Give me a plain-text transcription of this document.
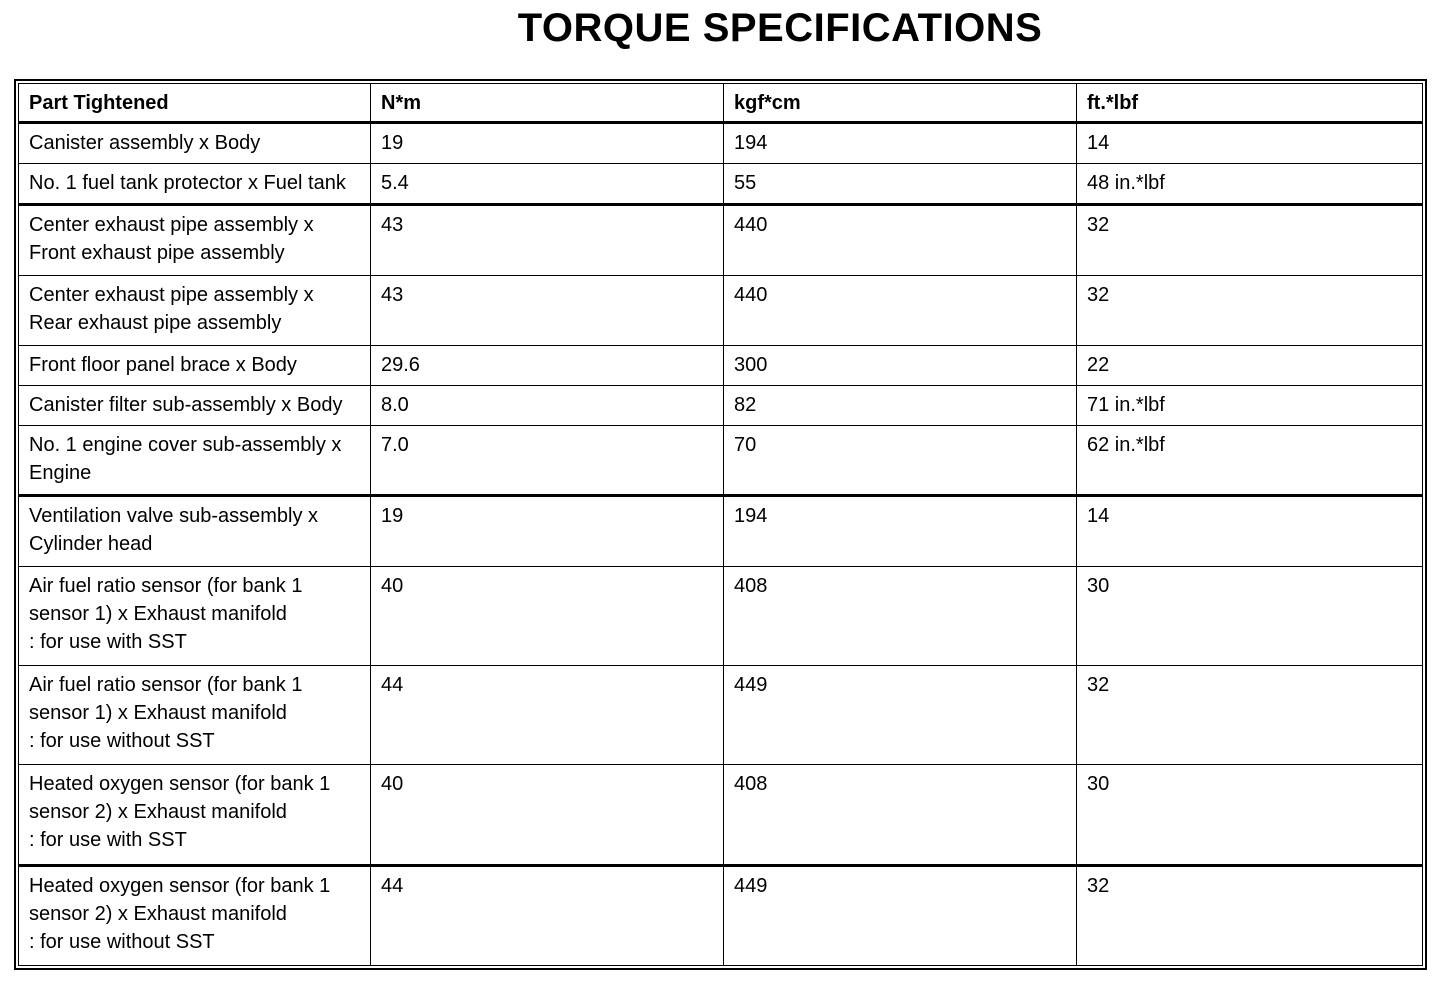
TORQUE SPECIFICATIONS
Part Tightened	N*m	kgf*cm	ft.*lbf
Canister assembly x Body	19	194	14
No. 1 fuel tank protector x Fuel tank	5.4	55	48 in.*lbf
Center exhaust pipe assembly x Front exhaust pipe assembly	43	440	32
Center exhaust pipe assembly x Rear exhaust pipe assembly	43	440	32
Front floor panel brace x Body	29.6	300	22
Canister filter sub-assembly x Body	8.0	82	71 in.*lbf
No. 1 engine cover sub-assembly x Engine	7.0	70	62 in.*lbf
Ventilation valve sub-assembly x Cylinder head	19	194	14
Air fuel ratio sensor (for bank 1 sensor 1) x Exhaust manifold
: for use with SST	40	408	30
Air fuel ratio sensor (for bank 1 sensor 1) x Exhaust manifold
: for use without SST	44	449	32
Heated oxygen sensor (for bank 1 sensor 2) x Exhaust manifold
: for use with SST	40	408	30
Heated oxygen sensor (for bank 1 sensor 2) x Exhaust manifold
: for use without SST	44	449	32
